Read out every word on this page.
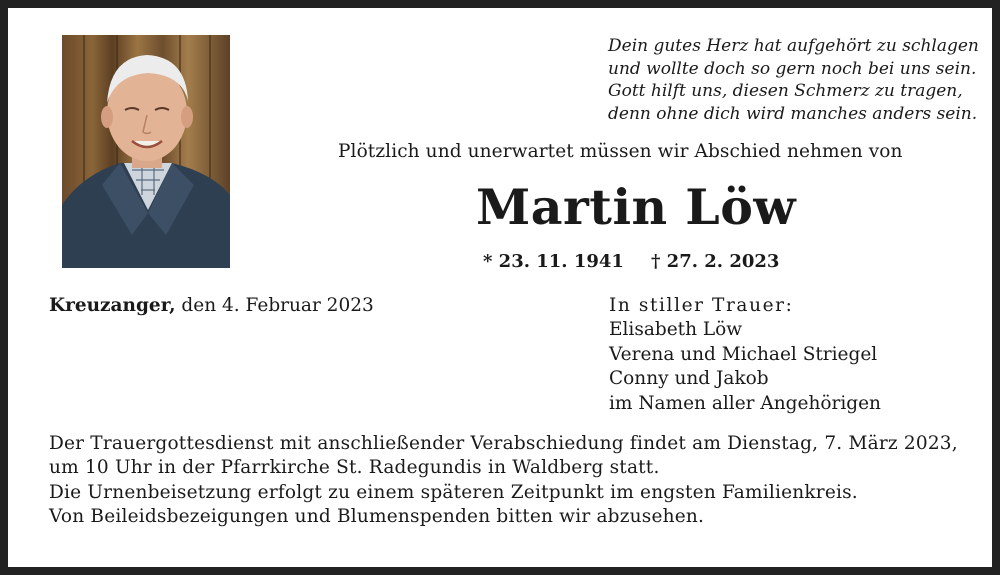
Dein gutes Herz hat aufgehört zu schlagen
und wollte doch so gern noch bei uns sein.
Gott hilft uns, diesen Schmerz zu tragen,
denn ohne dich wird manches anders sein.
Plötzlich und unerwartet müssen wir Abschied nehmen von
Martin Löw
* 23. 11. 1941 † 27. 2. 2023
Kreuzanger, den 4. Februar 2023	In stiller Trauer:
Elisabeth Löw
Verena und Michael Striegel
Conny und Jakob
im Namen aller Angehörigen
Der Trauergottesdienst mit anschließender Verabschiedung findet am Dienstag, 7. März 2023,
um 10 Uhr in der Pfarrkirche St. Radegundis in Waldberg statt.
Die Urnenbeisetzung erfolgt zu einem späteren Zeitpunkt im engsten Familienkreis.
Von Beileidsbezeigungen und Blumenspenden bitten wir abzusehen.
